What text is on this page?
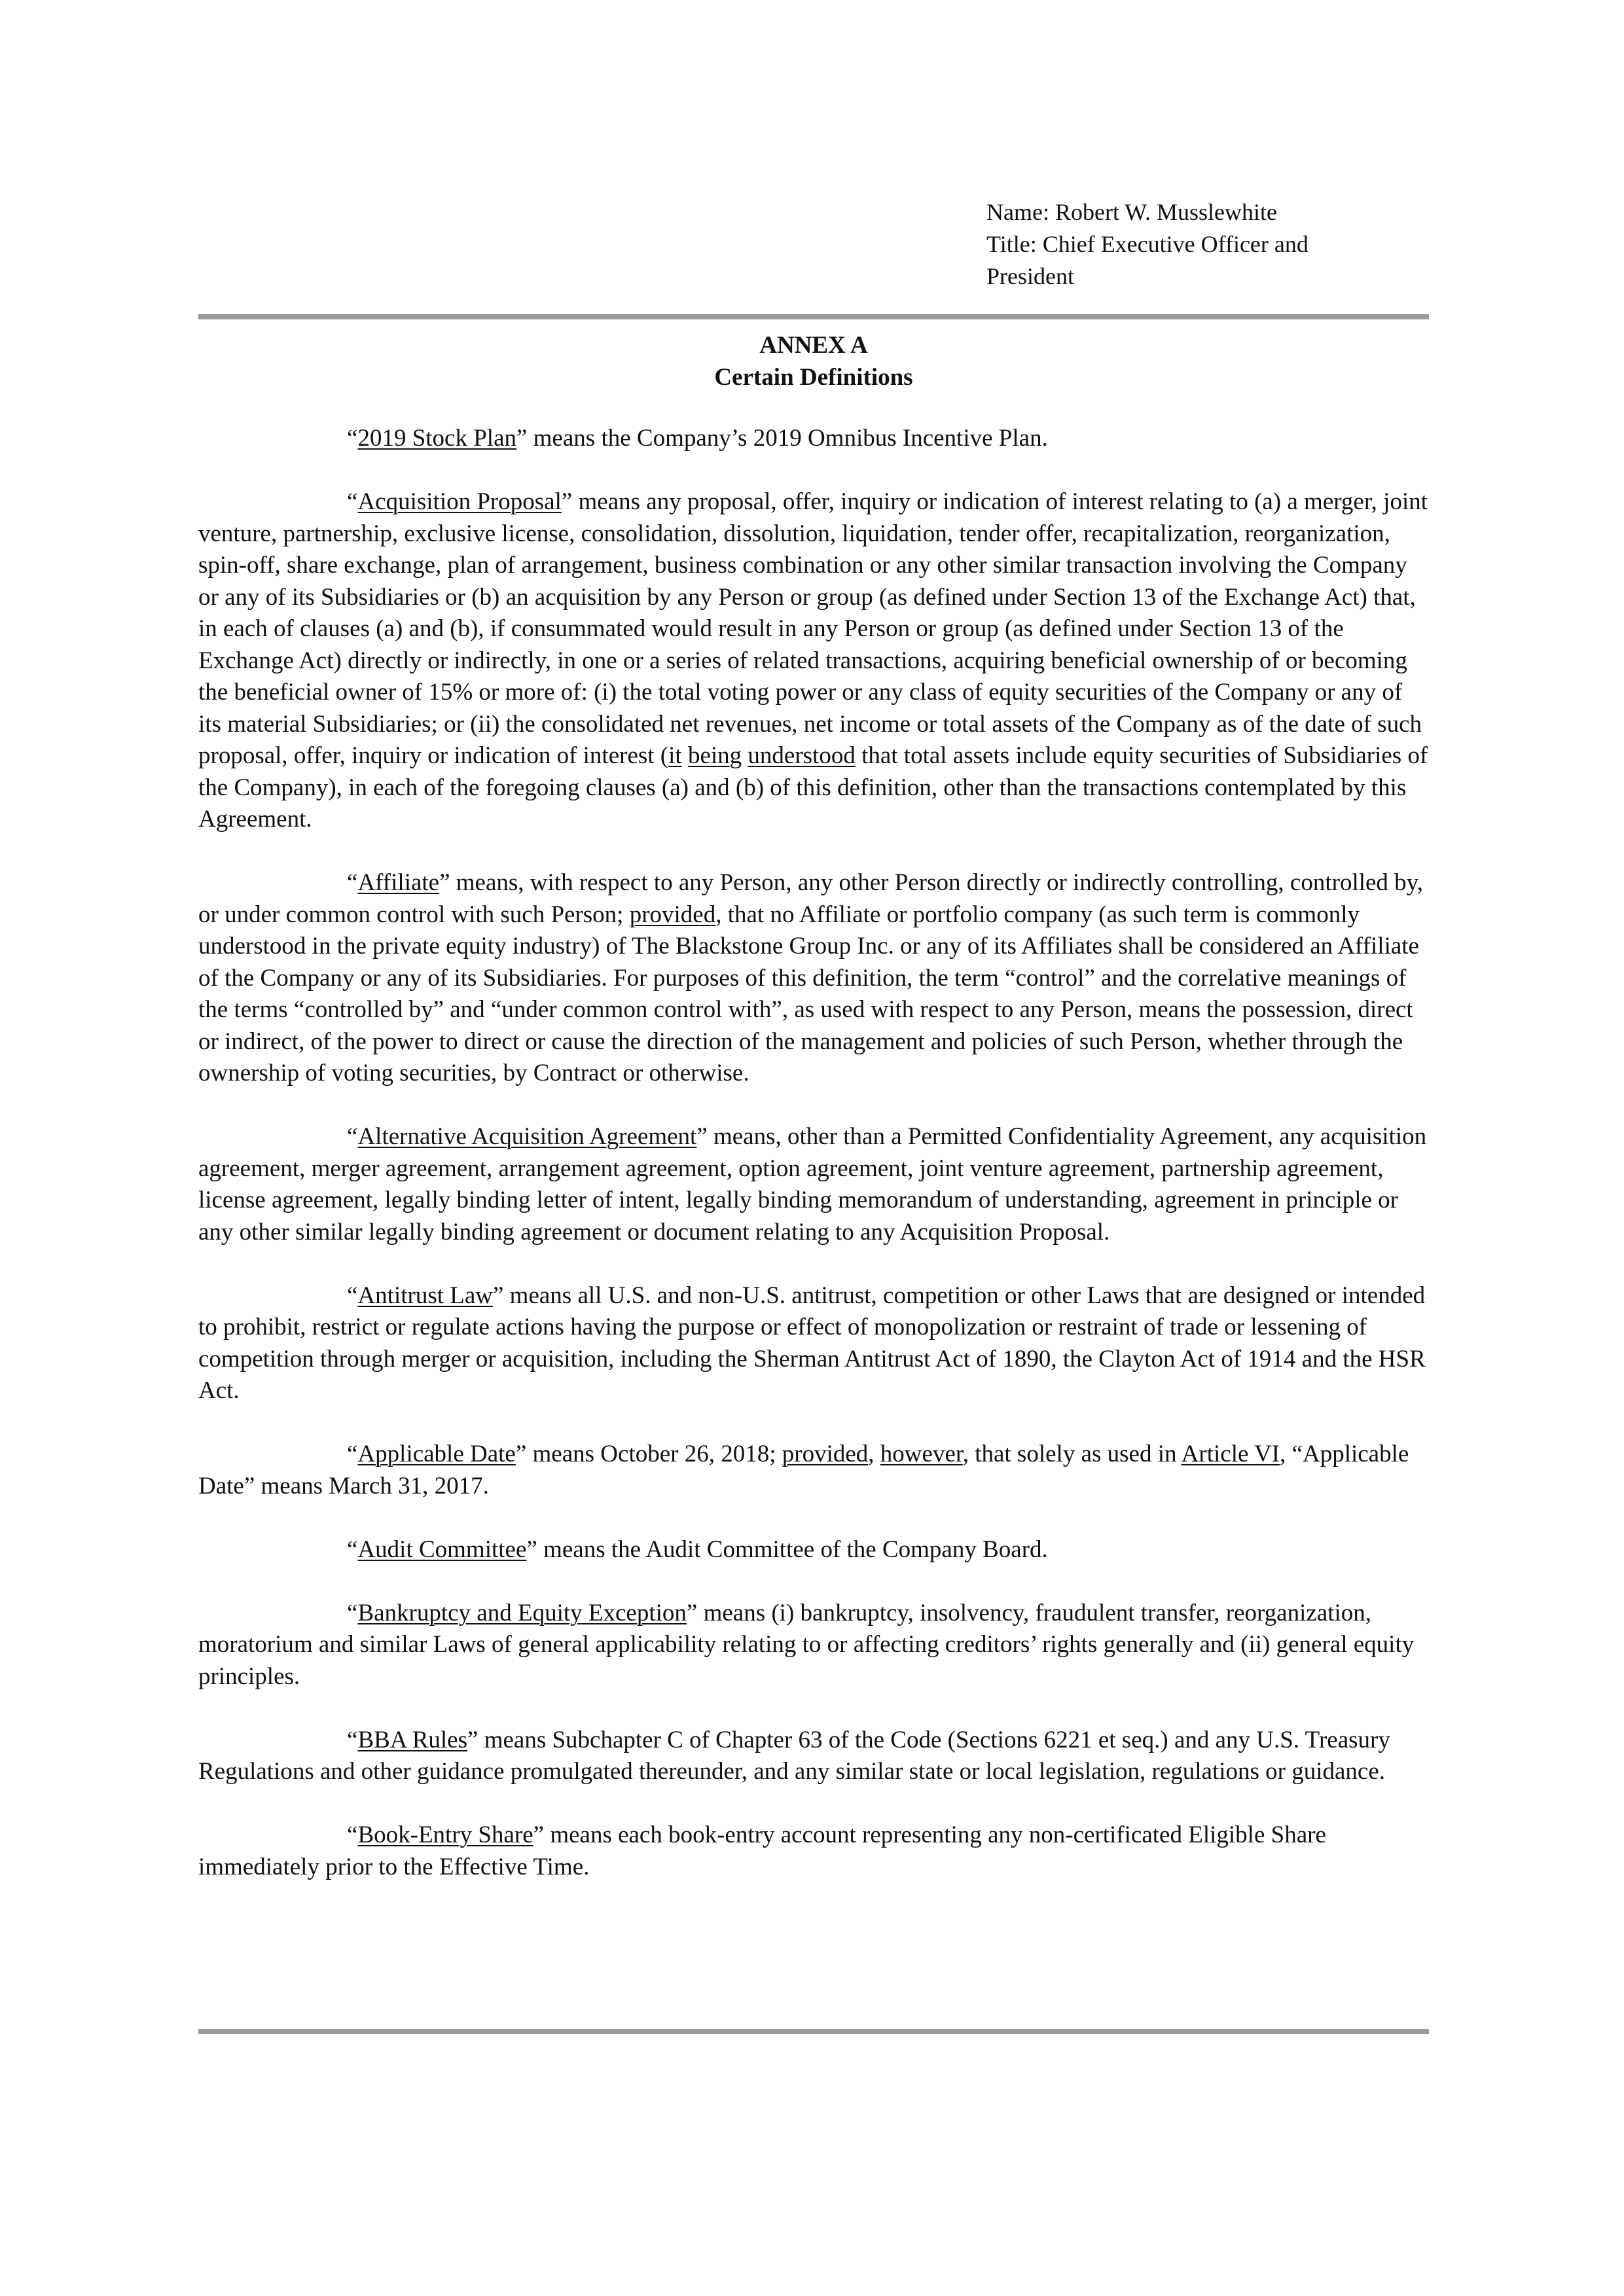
Name: Robert W. Musslewhite
Title: Chief Executive Officer and
President
ANNEX A
Certain Definitions

“2019 Stock Plan” means the Company’s 2019 Omnibus Incentive Plan.

“Acquisition Proposal” means any proposal, offer, inquiry or indication of interest relating to (a) a merger, joint venture, partnership, exclusive license, consolidation, dissolution, liquidation, tender offer, recapitalization, reorganization, spin-off, share exchange, plan of arrangement, business combination or any other similar transaction involving the Company or any of its Subsidiaries or (b) an acquisition by any Person or group (as defined under Section 13 of the Exchange Act) that, in each of clauses (a) and (b), if consummated would result in any Person or group (as defined under Section 13 of the Exchange Act) directly or indirectly, in one or a series of related transactions, acquiring beneficial ownership of or becoming the beneficial owner of 15% or more of: (i) the total voting power or any class of equity securities of the Company or any of its material Subsidiaries; or (ii) the consolidated net revenues, net income or total assets of the Company as of the date of such proposal, offer, inquiry or indication of interest (it being understood that total assets include equity securities of Subsidiaries of the Company), in each of the foregoing clauses (a) and (b) of this definition, other than the transactions contemplated by this Agreement.

“Affiliate” means, with respect to any Person, any other Person directly or indirectly controlling, controlled by, or under common control with such Person; provided, that no Affiliate or portfolio company (as such term is commonly understood in the private equity industry) of The Blackstone Group Inc. or any of its Affiliates shall be considered an Affiliate of the Company or any of its Subsidiaries. For purposes of this definition, the term “control” and the correlative meanings of the terms “controlled by” and “under common control with”, as used with respect to any Person, means the possession, direct or indirect, of the power to direct or cause the direction of the management and policies of such Person, whether through the ownership of voting securities, by Contract or otherwise.

“Alternative Acquisition Agreement” means, other than a Permitted Confidentiality Agreement, any acquisition agreement, merger agreement, arrangement agreement, option agreement, joint venture agreement, partnership agreement, license agreement, legally binding letter of intent, legally binding memorandum of understanding, agreement in principle or any other similar legally binding agreement or document relating to any Acquisition Proposal.

“Antitrust Law” means all U.S. and non-U.S. antitrust, competition or other Laws that are designed or intended to prohibit, restrict or regulate actions having the purpose or effect of monopolization or restraint of trade or lessening of competition through merger or acquisition, including the Sherman Antitrust Act of 1890, the Clayton Act of 1914 and the HSR Act.

“Applicable Date” means October 26, 2018; provided, however, that solely as used in Article VI, “Applicable Date” means March 31, 2017.

“Audit Committee” means the Audit Committee of the Company Board.

“Bankruptcy and Equity Exception” means (i) bankruptcy, insolvency, fraudulent transfer, reorganization, moratorium and similar Laws of general applicability relating to or affecting creditors’ rights generally and (ii) general equity principles.

“BBA Rules” means Subchapter C of Chapter 63 of the Code (Sections 6221 et seq.) and any U.S. Treasury Regulations and other guidance promulgated thereunder, and any similar state or local legislation, regulations or guidance.

“Book-Entry Share” means each book-entry account representing any non-certificated Eligible Share immediately prior to the Effective Time.
